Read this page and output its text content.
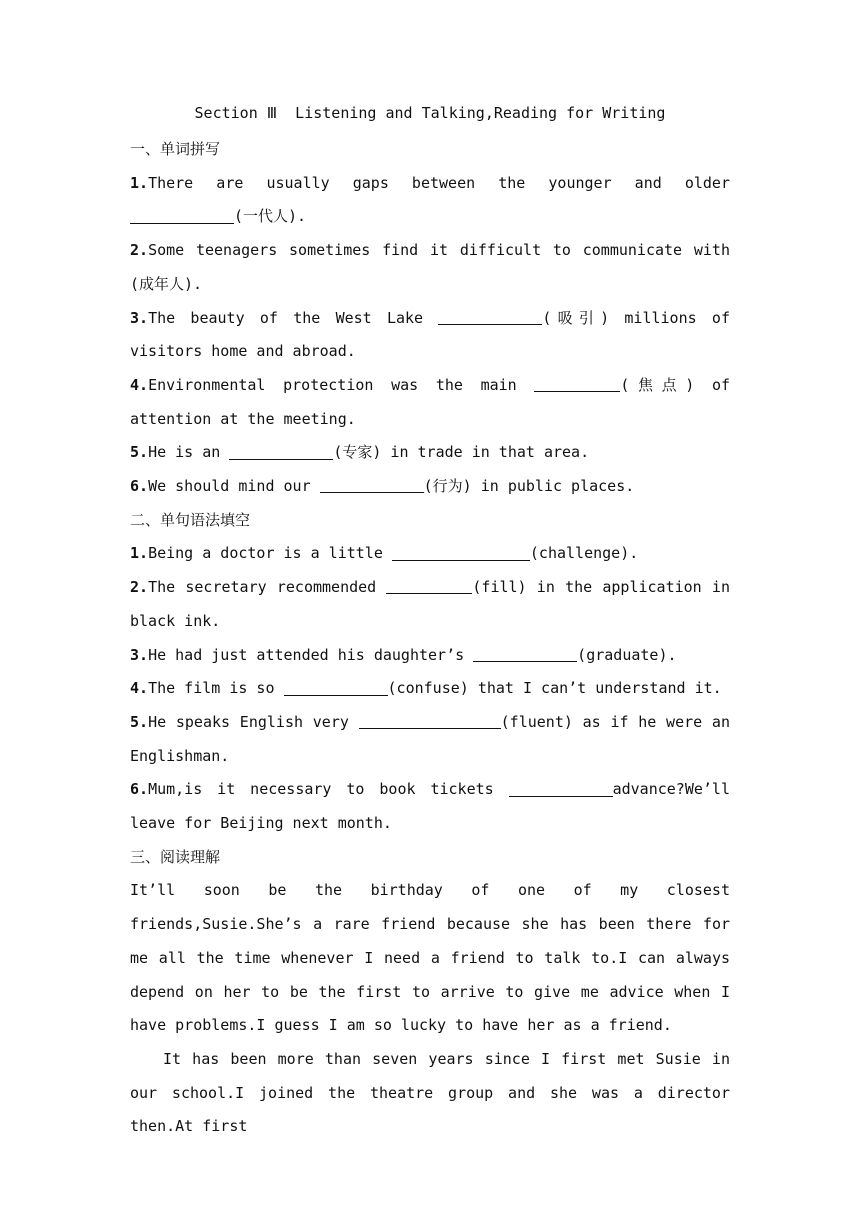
Section Ⅲ  Listening and Talking,Reading for Writing
一、单词拼写
1.There are usually gaps between the younger and older (一代人).
2.Some teenagers sometimes find it difficult to communicate with (成年人).
3.The beauty of the West Lake	(吸引) millions of visitors home and abroad.
4.Environmental protection was the main	(焦点) of attention at the meeting.
5.He is an	(专家) in trade in that area.
6.We should mind our	(行为) in public places.
二、单句语法填空
1.Being a doctor is a little	(challenge).
2.The secretary recommended	(fill) in the application in black ink.
3.He had just attended his daughter’s	(graduate).
4.The film is so	(confuse) that I can’t understand it.
5.He speaks English very	(fluent) as if he were an Englishman.
6.Mum,is it necessary to book tickets	advance?We’ll leave for Beijing next month.
三、阅读理解
It’ll soon be the birthday of one of my closest friends,Susie.She’s a rare friend because she has been there for me all the time whenever I need a friend to talk to.I can always depend on her to be the first to arrive to give me advice when I have problems.I guess I am so lucky to have her as a friend.
It has been more than seven years since I first met Susie in our school.I joined the theatre group and she was a director then.At first
